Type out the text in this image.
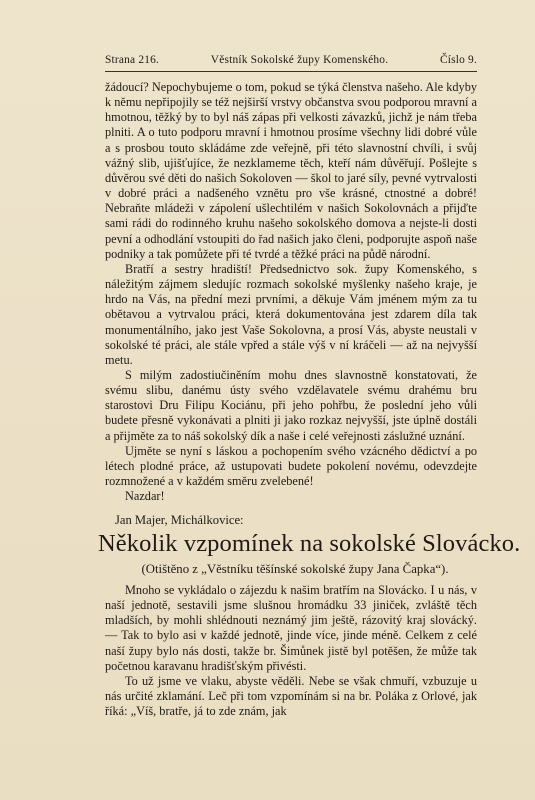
Strana 216.	Věstník Sokolské župy Komenského.	Číslo 9.

žádoucí? Nepochybujeme o tom, pokud se týká členstva našeho. Ale kdyby k němu nepřipojily se též nejširší vrstvy občanstva svou podporou mravní a hmotnou, těžký by to byl náš zápas při velkosti závazků, jichž je nám třeba plniti. A o tuto podporu mravní i hmotnou prosíme všechny lidi dobré vůle a s prosbou touto skládáme zde veřejně, při této slavnostní chvíli, i svůj vážný slib, ujišťujíce, že nezklameme těch, kteří nám důvěřují. Pošlejte s důvěrou své děti do našich Sokoloven — škol to jaré síly, pevné vytrvalosti v dobré práci a nadšeného vznětu pro vše krásné, ctnostné a dobré! Nebraňte mládeži v zápolení ušlechtilém v našich Sokolovnách a přijďte sami rádi do rodinného kruhu našeho sokolského domova a nejste-li dosti pevní a odhodlání vstoupiti do řad našich jako členi, podporujte aspoň naše podniky a tak pomůžete při té tvrdé a těžké práci na půdě národní.

Bratří a sestry hradiští! Předsednictvo sok. župy Komenského, s náležitým zájmem sledujíc rozmach sokolské myšlenky našeho kraje, je hrdo na Vás, na přední mezi prvními, a děkuje Vám jménem mým za tu obětavou a vytrvalou práci, která dokumentována jest zdarem díla tak monumentálního, jako jest Vaše Sokolovna, a prosí Vás, abyste neustali v sokolské té práci, ale stále vpřed a stále výš v ní kráčeli — až na nejvyšší metu.

S milým zadostiučiněním mohu dnes slavnostně konstatovati, že svému slibu, danému ústy svého vzdělavatele svému drahému bru starostovi Dru Filipu Kociánu, při jeho pohřbu, že poslední jeho vůli budete přesně vykonávati a plniti ji jako rozkaz nejvyšší, jste úplně dostáli a přijměte za to náš sokolský dík a naše i celé veřejnosti záslužné uznání.

Ujměte se nyní s láskou a pochopením svého vzácného dědictví a po létech plodné práce, až ustupovati budete pokolení novému, odevzdejte rozmnožené a v každém směru zvelebené!

Nazdar!

Jan Majer, Michálkovice:
Několik vzpomínek na sokolské Slovácko.
(Otištěno z „Věstníku těšínské sokolské župy Jana Čapka“).

Mnoho se vykládalo o zájezdu k našim bratřím na Slovácko. I u nás, v naší jednotě, sestavili jsme slušnou hromádku 33 jiniček, zvláště těch mladších, by mohli shlédnouti neznámý jim ještě, rázovitý kraj slovácký. — Tak to bylo asi v každé jednotě, jinde více, jinde méně. Celkem z celé naší župy bylo nás dosti, takže br. Šimůnek jistě byl potěšen, že může tak početnou karavanu hradišťským přivésti.

To už jsme ve vlaku, abyste věděli. Nebe se však chmuří, vzbuzuje u nás určité zklamání. Leč při tom vzpomínám si na br. Poláka z Orlové, jak říká: „Víš, bratře, já to zde znám, jak
